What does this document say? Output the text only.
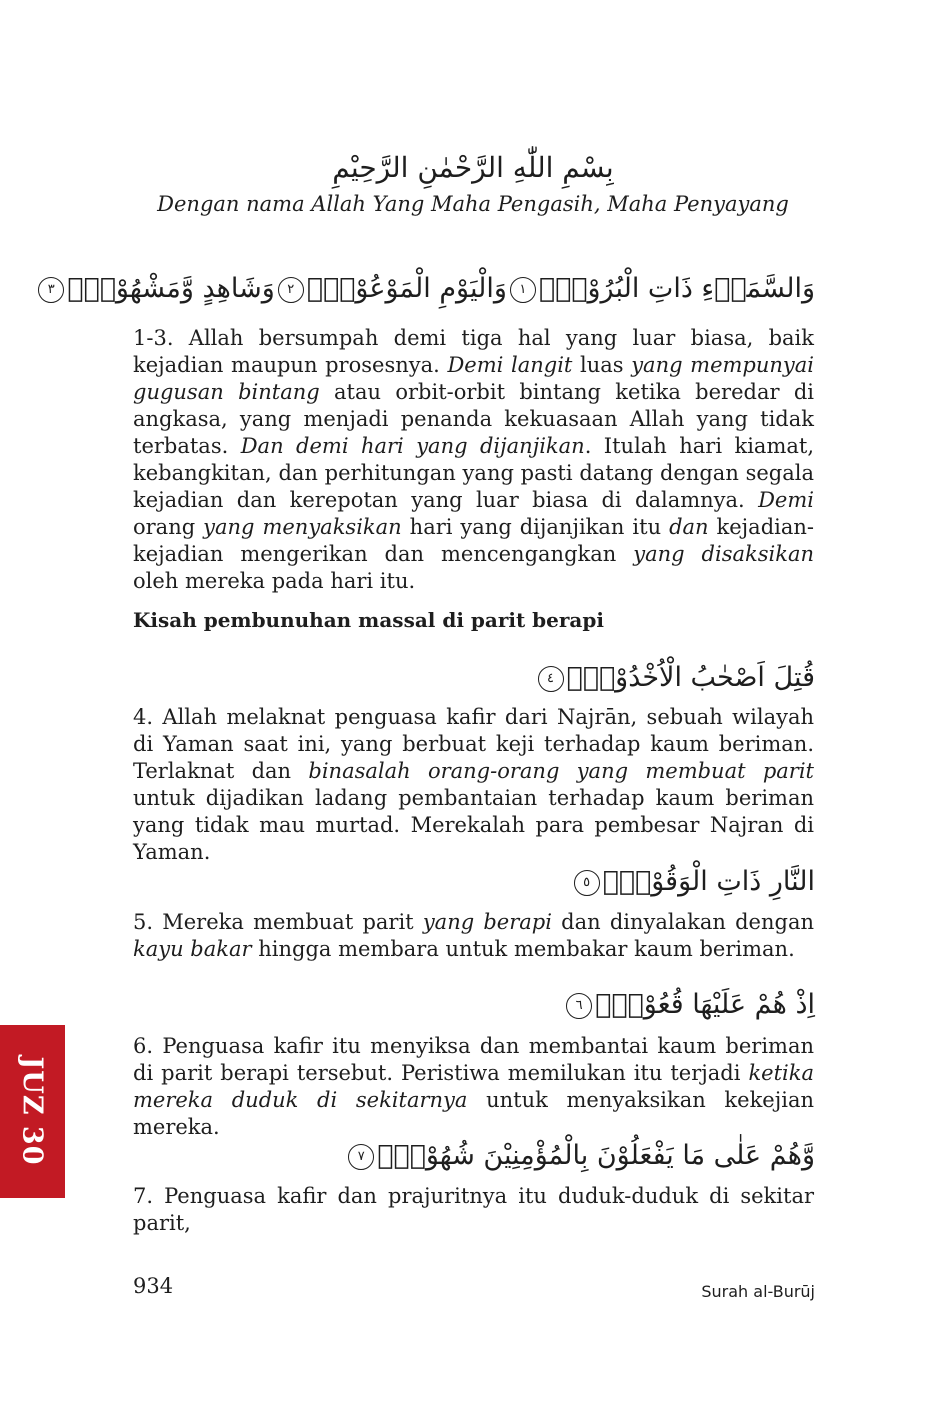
بِسْمِ اللّٰهِ الرَّحْمٰنِ الرَّحِيْمِ
Dengan nama Allah Yang Maha Pengasih, Maha Penyayang
وَالسَّمَاۤءِ ذَاتِ الْبُرُوْجِۙ١وَالْيَوْمِ الْمَوْعُوْدِۙ٢وَشَاهِدٍ وَّمَشْهُوْدٍۗ٣

1-3. Allah bersumpah demi tiga hal yang luar biasa, baik kejadian maupun prosesnya. Demi langit luas yang mempunyai gugusan bintang atau orbit-orbit bintang ketika beredar di angkasa, yang menjadi penanda kekuasaan Allah yang tidak terbatas. Dan demi hari yang dijanjikan. Itulah hari kiamat, kebangkitan, dan perhitungan yang pasti datang dengan segala kejadian dan kerepotan yang luar biasa di dalamnya. Demi orang yang menyaksikan hari yang dijanjikan itu dan kejadian-kejadian mengerikan dan mencengangkan yang disaksikan oleh mereka pada hari itu.

Kisah pembunuhan massal di parit berapi
قُتِلَ اَصْحٰبُ الْاُخْدُوْدِۙ٤

4. Allah melaknat penguasa kafir dari Najrān, sebuah wilayah di Yaman saat ini, yang berbuat keji terhadap kaum beriman. Terlaknat dan binasalah orang-orang yang membuat parit untuk dijadikan ladang pembantaian terhadap kaum beriman yang tidak mau murtad. Merekalah para pembesar Najran di Yaman.

النَّارِ ذَاتِ الْوَقُوْدِۙ٥

5. Mereka membuat parit yang berapi dan dinyalakan dengan kayu bakar hingga membara untuk membakar kaum beriman.

اِذْ هُمْ عَلَيْهَا قُعُوْدٌۙ٦

6. Penguasa kafir itu menyiksa dan membantai kaum beriman di parit berapi tersebut. Peristiwa memilukan itu terjadi ketika mereka duduk di sekitarnya untuk menyaksikan kekejian mereka.

وَّهُمْ عَلٰى مَا يَفْعَلُوْنَ بِالْمُؤْمِنِيْنَ شُهُوْدٌۗ٧

7. Penguasa kafir dan prajuritnya itu duduk-duduk di sekitar parit,

JUZ 30
934	Surah al-Burūj
